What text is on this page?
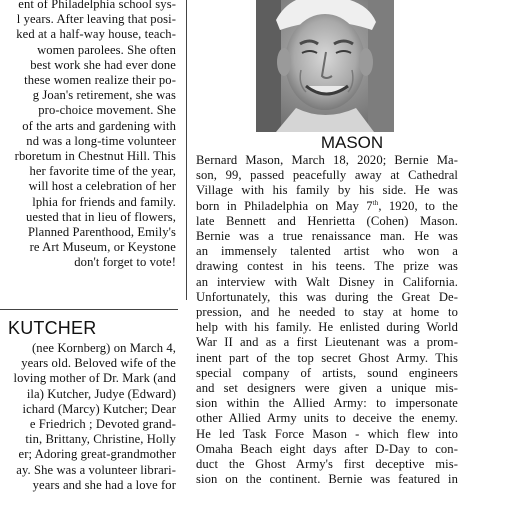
ent of Philadelphia school sys-
l years. After leaving that posi-
ked at a half-way house, teach-
women parolees. She often
best work she had ever done
these women realize their po-
g Joan's retirement, she was
pro-choice movement. She
of the arts and gardening with
nd was a long-time volunteer
rboretum in Chestnut Hill. This
her favorite time of the year,
will host a celebration of her
lphia for friends and family.
uested that in lieu of flowers,
Planned Parenthood, Emily's
re Art Museum, or Keystone
don't forget to vote!
KUTCHER
(nee Kornberg) on March 4,
years old. Beloved wife of the
loving mother of Dr. Mark (and
ila) Kutcher, Judye (Edward)
ichard (Marcy) Kutcher; Dear
e Friedrich ; Devoted grand-
tin, Brittany, Christine, Holly
er; Adoring great-grandmother
ay. She was a volunteer librari-
years and she had a love for
MASON
Bernard Mason, March 18, 2020; Bernie Ma-
son, 99, passed peacefully away at Cathedral
Village with his family by his side. He was
born in Philadelphia on May 7th, 1920, to the
late Bennett and Henrietta (Cohen) Mason.
Bernie was a true renaissance man. He was
an immensely talented artist who won a
drawing contest in his teens. The prize was
an interview with Walt Disney in California.
Unfortunately, this was during the Great De-
pression, and he needed to stay at home to
help with his family. He enlisted during World
War II and as a first Lieutenant was a prom-
inent part of the top secret Ghost Army. This
special company of artists, sound engineers
and set designers were given a unique mis-
sion within the Allied Army: to impersonate
other Allied Army units to deceive the enemy.
He led Task Force Mason - which flew into
Omaha Beach eight days after D-Day to con-
duct the Ghost Army's first deceptive mis-
sion on the continent. Bernie was featured in
